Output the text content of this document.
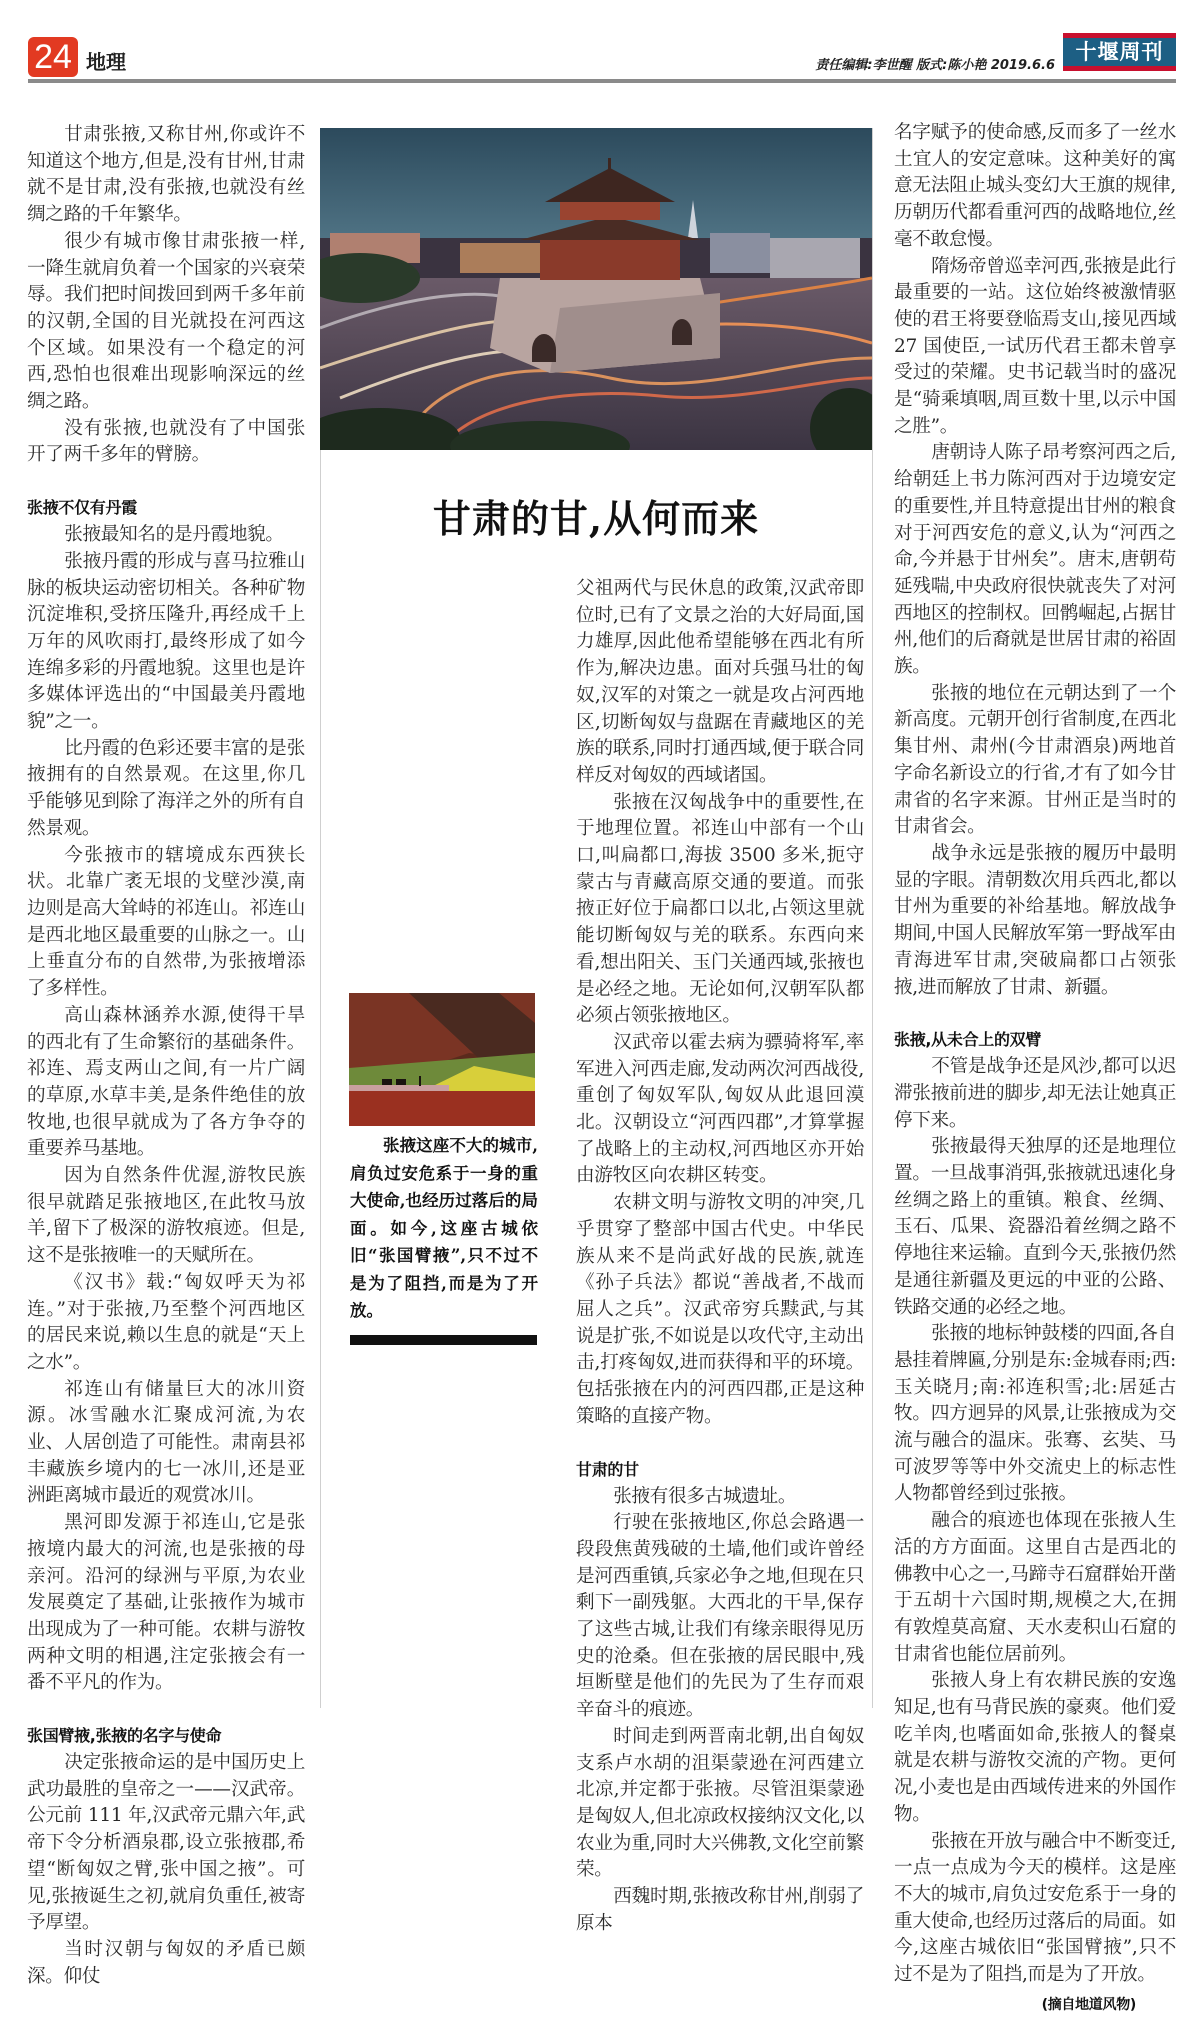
24 地理	责任编辑:李世醒 版式:陈小艳 2019.6.6
十堰周刊
甘肃的甘,从何而来

张掖这座不大的城市,肩负过安危系于一身的重大使命,也经历过落后的局面。如今,这座古城依旧“张国臂掖”,只不过不是为了阻挡,而是为了开放。

甘肃张掖,又称甘州,你或许不知道这个地方,但是,没有甘州,甘肃就不是甘肃,没有张掖,也就没有丝绸之路的千年繁华。

很少有城市像甘肃张掖一样,一降生就肩负着一个国家的兴衰荣辱。我们把时间拨回到两千多年前的汉朝,全国的目光就投在河西这个区域。如果没有一个稳定的河西,恐怕也很难出现影响深远的丝绸之路。

没有张掖,也就没有了中国张开了两千多年的臂膀。

张掖不仅有丹霞

张掖最知名的是丹霞地貌。

张掖丹霞的形成与喜马拉雅山脉的板块运动密切相关。各种矿物沉淀堆积,受挤压隆升,再经成千上万年的风吹雨打,最终形成了如今连绵多彩的丹霞地貌。这里也是许多媒体评选出的“中国最美丹霞地貌”之一。

比丹霞的色彩还要丰富的是张掖拥有的自然景观。在这里,你几乎能够见到除了海洋之外的所有自然景观。

今张掖市的辖境成东西狭长状。北靠广袤无垠的戈壁沙漠,南边则是高大耸峙的祁连山。祁连山是西北地区最重要的山脉之一。山上垂直分布的自然带,为张掖增添了多样性。

高山森林涵养水源,使得干旱的西北有了生命繁衍的基础条件。祁连、焉支两山之间,有一片广阔的草原,水草丰美,是条件绝佳的放牧地,也很早就成为了各方争夺的重要养马基地。

因为自然条件优渥,游牧民族很早就踏足张掖地区,在此牧马放羊,留下了极深的游牧痕迹。但是,这不是张掖唯一的天赋所在。

《汉书》载:“匈奴呼天为祁连。”对于张掖,乃至整个河西地区的居民来说,赖以生息的就是“天上之水”。

祁连山有储量巨大的冰川资源。冰雪融水汇聚成河流,为农业、人居创造了可能性。肃南县祁丰藏族乡境内的七一冰川,还是亚洲距离城市最近的观赏冰川。

黑河即发源于祁连山,它是张掖境内最大的河流,也是张掖的母亲河。沿河的绿洲与平原,为农业发展奠定了基础,让张掖作为城市出现成为了一种可能。农耕与游牧两种文明的相遇,注定张掖会有一番不平凡的作为。

张国臂掖,张掖的名字与使命

决定张掖命运的是中国历史上武功最胜的皇帝之一——汉武帝。公元前 111 年,汉武帝元鼎六年,武帝下令分析酒泉郡,设立张掖郡,希望“断匈奴之臂,张中国之掖”。可见,张掖诞生之初,就肩负重任,被寄予厚望。

当时汉朝与匈奴的矛盾已颇深。仰仗

父祖两代与民休息的政策,汉武帝即位时,已有了文景之治的大好局面,国力雄厚,因此他希望能够在西北有所作为,解决边患。面对兵强马壮的匈奴,汉军的对策之一就是攻占河西地区,切断匈奴与盘踞在青藏地区的羌族的联系,同时打通西域,便于联合同样反对匈奴的西域诸国。

张掖在汉匈战争中的重要性,在于地理位置。祁连山中部有一个山口,叫扁都口,海拔 3500 多米,扼守蒙古与青藏高原交通的要道。而张掖正好位于扁都口以北,占领这里就能切断匈奴与羌的联系。东西向来看,想出阳关、玉门关通西域,张掖也是必经之地。无论如何,汉朝军队都必须占领张掖地区。

汉武帝以霍去病为骠骑将军,率军进入河西走廊,发动两次河西战役,重创了匈奴军队,匈奴从此退回漠北。汉朝设立“河西四郡”,才算掌握了战略上的主动权,河西地区亦开始由游牧区向农耕区转变。

农耕文明与游牧文明的冲突,几乎贯穿了整部中国古代史。中华民族从来不是尚武好战的民族,就连《孙子兵法》都说“善战者,不战而屈人之兵”。汉武帝穷兵黩武,与其说是扩张,不如说是以攻代守,主动出击,打疼匈奴,进而获得和平的环境。包括张掖在内的河西四郡,正是这种策略的直接产物。

甘肃的甘

张掖有很多古城遗址。

行驶在张掖地区,你总会路遇一段段焦黄残破的土墙,他们或许曾经是河西重镇,兵家必争之地,但现在只剩下一副残躯。大西北的干旱,保存了这些古城,让我们有缘亲眼得见历史的沧桑。但在张掖的居民眼中,残垣断壁是他们的先民为了生存而艰辛奋斗的痕迹。

时间走到两晋南北朝,出自匈奴支系卢水胡的沮渠蒙逊在河西建立北凉,并定都于张掖。尽管沮渠蒙逊是匈奴人,但北凉政权接纳汉文化,以农业为重,同时大兴佛教,文化空前繁荣。

西魏时期,张掖改称甘州,削弱了原本

名字赋予的使命感,反而多了一丝水土宜人的安定意味。这种美好的寓意无法阻止城头变幻大王旗的规律,历朝历代都看重河西的战略地位,丝毫不敢怠慢。

隋炀帝曾巡幸河西,张掖是此行最重要的一站。这位始终被激情驱使的君王将要登临焉支山,接见西域 27 国使臣,一试历代君王都未曾享受过的荣耀。史书记载当时的盛况是“骑乘填咽,周亘数十里,以示中国之胜”。

唐朝诗人陈子昂考察河西之后,给朝廷上书力陈河西对于边境安定的重要性,并且特意提出甘州的粮食对于河西安危的意义,认为“河西之命,今并悬于甘州矣”。唐末,唐朝苟延残喘,中央政府很快就丧失了对河西地区的控制权。回鹘崛起,占据甘州,他们的后裔就是世居甘肃的裕固族。

张掖的地位在元朝达到了一个新高度。元朝开创行省制度,在西北集甘州、肃州(今甘肃酒泉)两地首字命名新设立的行省,才有了如今甘肃省的名字来源。甘州正是当时的甘肃省会。

战争永远是张掖的履历中最明显的字眼。清朝数次用兵西北,都以甘州为重要的补给基地。解放战争期间,中国人民解放军第一野战军由青海进军甘肃,突破扁都口占领张掖,进而解放了甘肃、新疆。

张掖,从未合上的双臂

不管是战争还是风沙,都可以迟滞张掖前进的脚步,却无法让她真正停下来。

张掖最得天独厚的还是地理位置。一旦战事消弭,张掖就迅速化身丝绸之路上的重镇。粮食、丝绸、玉石、瓜果、瓷器沿着丝绸之路不停地往来运输。直到今天,张掖仍然是通往新疆及更远的中亚的公路、铁路交通的必经之地。

张掖的地标钟鼓楼的四面,各自悬挂着牌匾,分别是东:金城春雨;西:玉关晓月;南:祁连积雪;北:居延古牧。四方迥异的风景,让张掖成为交流与融合的温床。张骞、玄奘、马可波罗等等中外交流史上的标志性人物都曾经到过张掖。

融合的痕迹也体现在张掖人生活的方方面面。这里自古是西北的佛教中心之一,马蹄寺石窟群始开凿于五胡十六国时期,规模之大,在拥有敦煌莫高窟、天水麦积山石窟的甘肃省也能位居前列。

张掖人身上有农耕民族的安逸知足,也有马背民族的豪爽。他们爱吃羊肉,也嗜面如命,张掖人的餐桌就是农耕与游牧交流的产物。更何况,小麦也是由西域传进来的外国作物。

张掖在开放与融合中不断变迁,一点一点成为今天的模样。这是座不大的城市,肩负过安危系于一身的重大使命,也经历过落后的局面。如今,这座古城依旧“张国臂掖”,只不过不是为了阻挡,而是为了开放。

(摘自地道风物)
